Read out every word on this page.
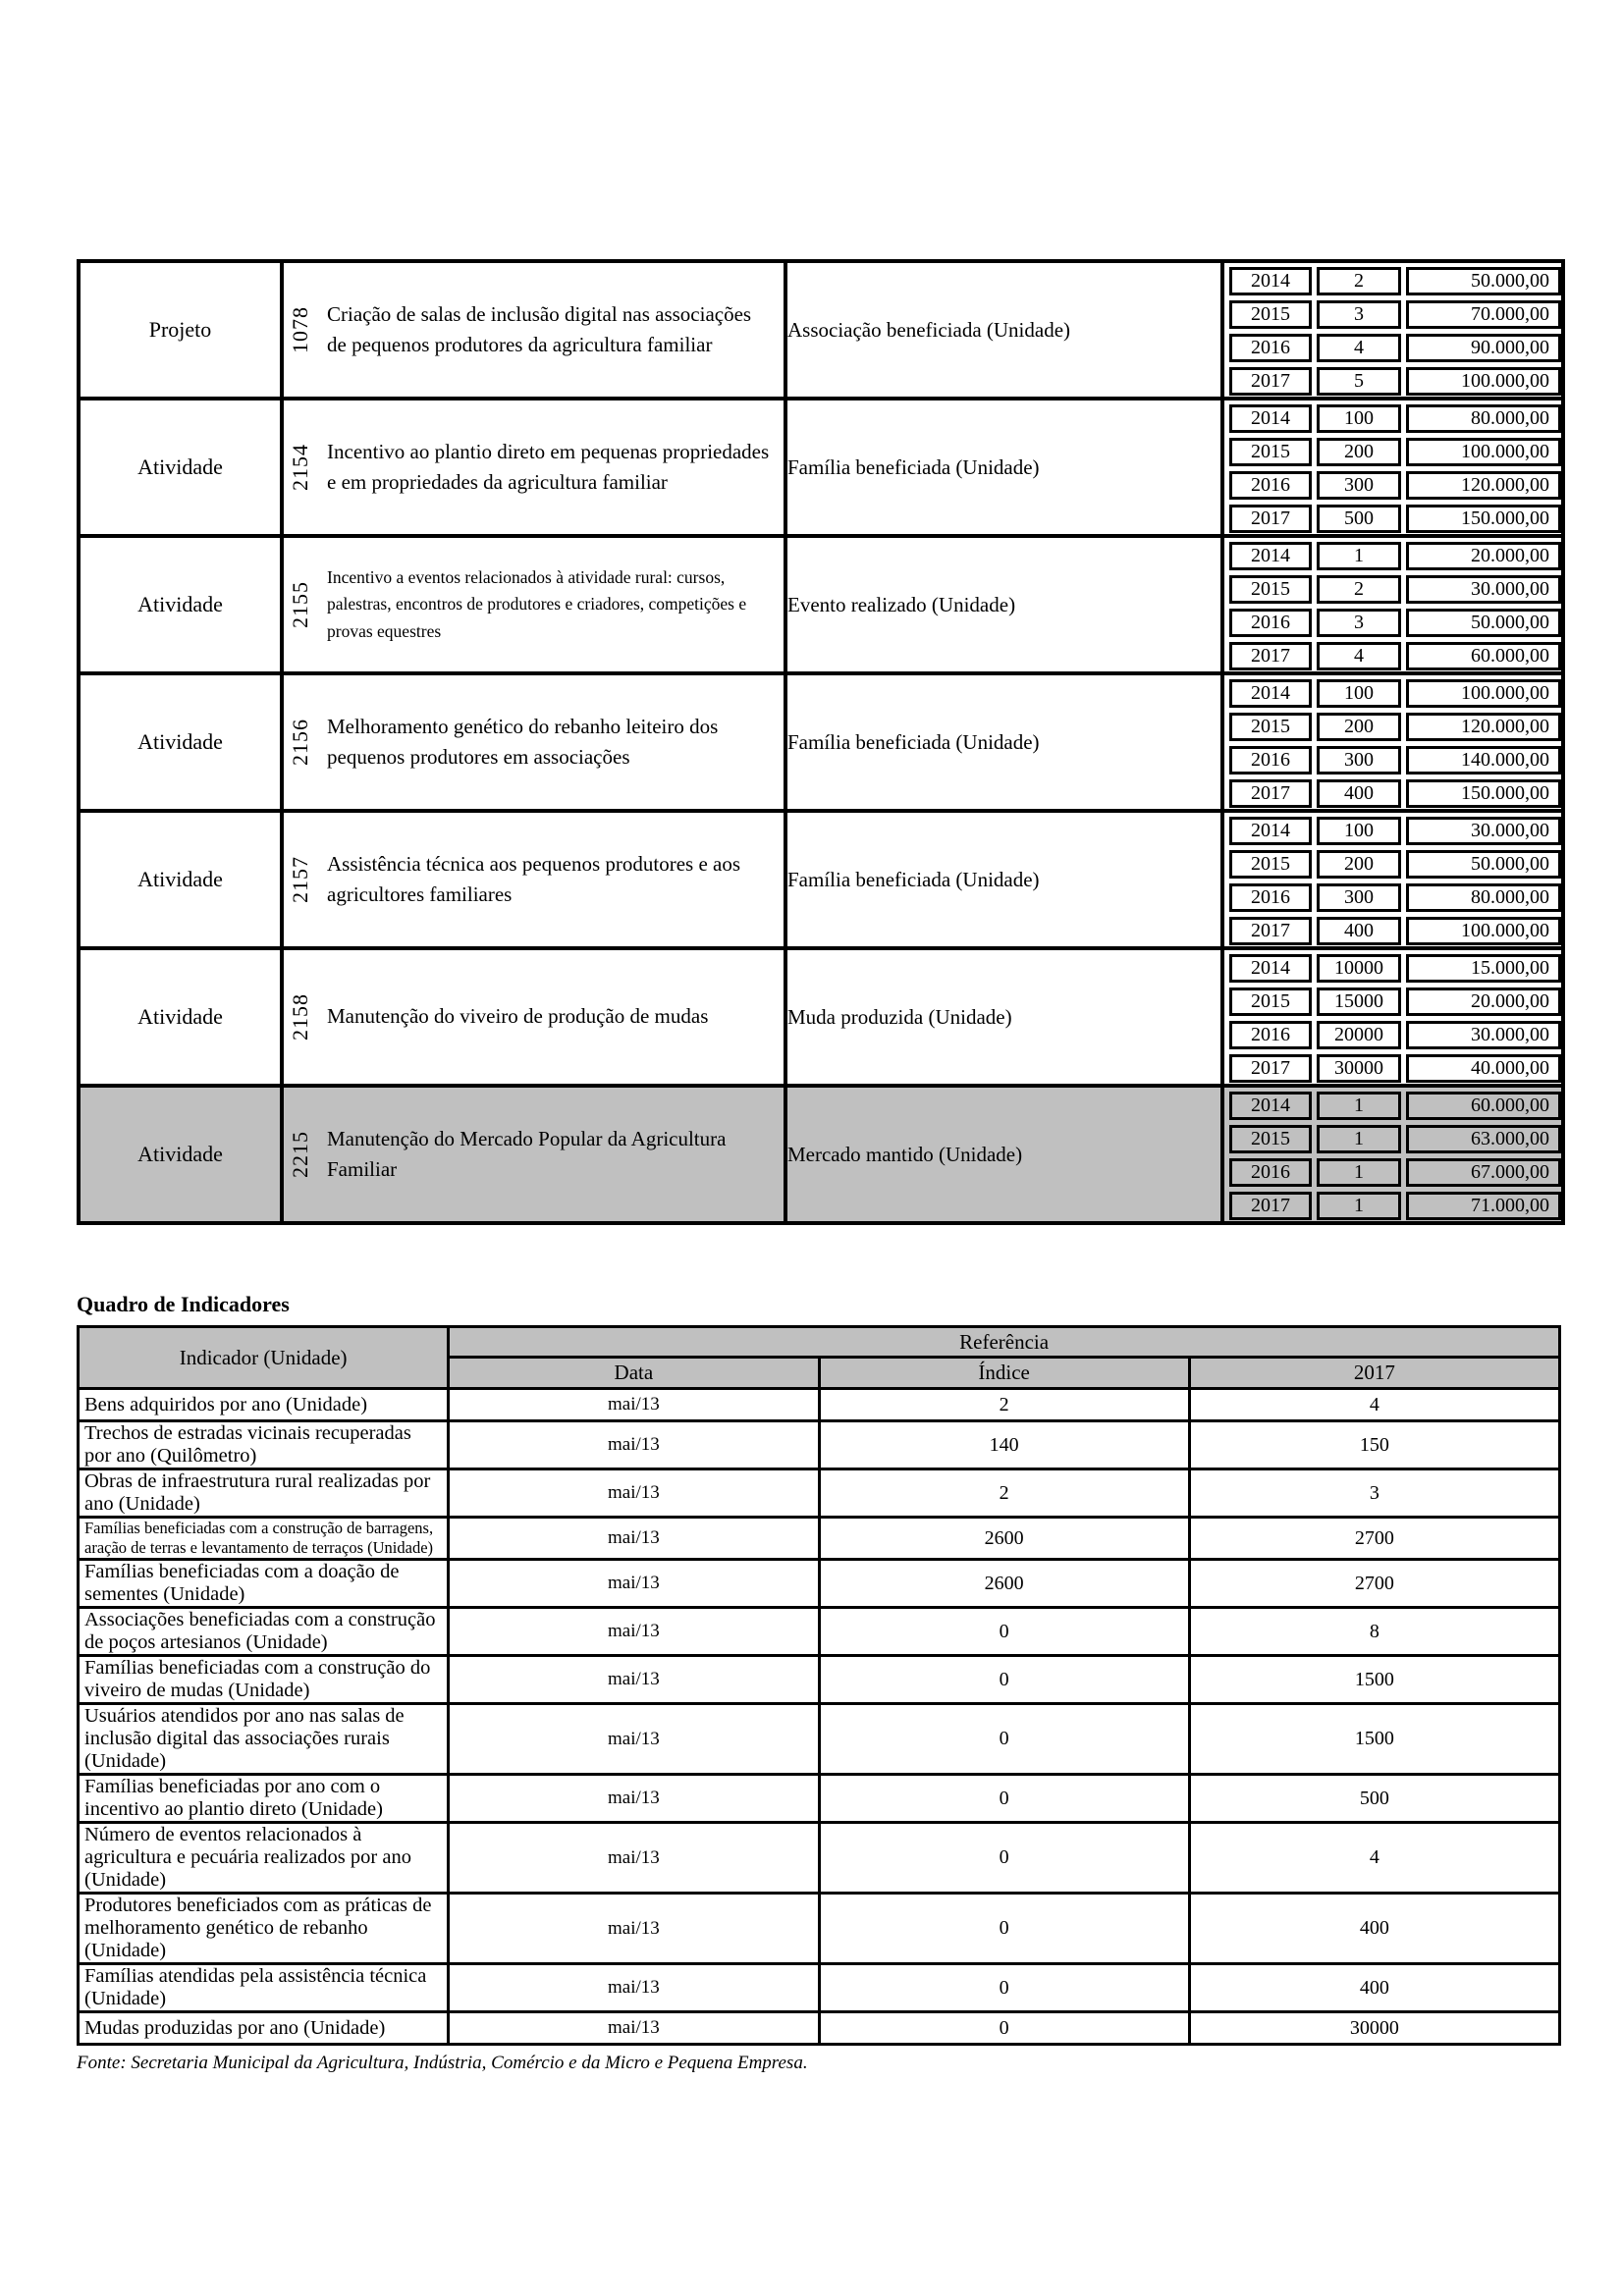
Projeto	1078 Criação de salas de inclusão digital nas associações de pequenos produtores da agricultura familiar
	Associação beneficiada (Unidade)	
2014	2	50.000,00
2015	3	70.000,00
2016	4	90.000,00
2017	5	100.000,00

Atividade	2154 Incentivo ao plantio direto em pequenas propriedades e em propriedades da agricultura familiar
	Família beneficiada (Unidade)	
2014	100	80.000,00
2015	200	100.000,00
2016	300	120.000,00
2017	500	150.000,00

Atividade	2155
Incentivo a eventos relacionados à atividade rural: cursos, palestras, encontros de produtores e criadores, competições e provas equestres
	Evento realizado (Unidade)	
2014	1	20.000,00
2015	2	30.000,00
2016	3	50.000,00
2017	4	60.000,00

Atividade	2156 Melhoramento genético do rebanho leiteiro dos pequenos produtores em associações
	Família beneficiada (Unidade)	
2014	100	100.000,00
2015	200	120.000,00
2016	300	140.000,00
2017	400	150.000,00

Atividade	2157 Assistência técnica aos pequenos produtores e aos agricultores familiares
	Família beneficiada (Unidade)	
2014	100	30.000,00
2015	200	50.000,00
2016	300	80.000,00
2017	400	100.000,00

Atividade	2158 Manutenção do viveiro de produção de mudas	Muda produzida (Unidade)	
2014	10000	15.000,00
2015	15000	20.000,00
2016	20000	30.000,00
2017	30000	40.000,00

Atividade	2215 Manutenção do Mercado Popular da Agricultura Familiar
	Mercado mantido (Unidade)	
2014	1	60.000,00
2015	1	63.000,00
2016	1	67.000,00
2017	1	71.000,00
Quadro de Indicadores
Indicador (Unidade)	Referência		
	Data	Índice	2017
Bens adquiridos por ano (Unidade)	mai/13	2	4
Trechos de estradas vicinais recuperadas por ano (Quilômetro)	mai/13	140	150
Obras de infraestrutura rural realizadas por ano (Unidade)	mai/13	2	3
Famílias beneficiadas com a construção de barragens, aração de terras e levantamento de terraços (Unidade)	mai/13	2600	2700
Famílias beneficiadas com a doação de sementes (Unidade)	mai/13	2600	2700
Associações beneficiadas com a construção de poços artesianos (Unidade)	mai/13	0	8
Famílias beneficiadas com a construção do viveiro de mudas (Unidade)	mai/13	0	1500
Usuários atendidos por ano nas salas de inclusão digital das associações rurais (Unidade)	mai/13	0	1500
Famílias beneficiadas por ano com o incentivo ao plantio direto (Unidade)	mai/13	0	500
Número de eventos relacionados à agricultura e pecuária realizados por ano (Unidade)	mai/13	0	4
Produtores beneficiados com as práticas de melhoramento genético de rebanho (Unidade)	mai/13	0	400
Famílias atendidas pela assistência técnica (Unidade)	mai/13	0	400
Mudas produzidas por ano (Unidade)	mai/13	0	30000

Fonte: Secretaria Municipal da Agricultura, Indústria, Comércio e da Micro e Pequena Empresa.
